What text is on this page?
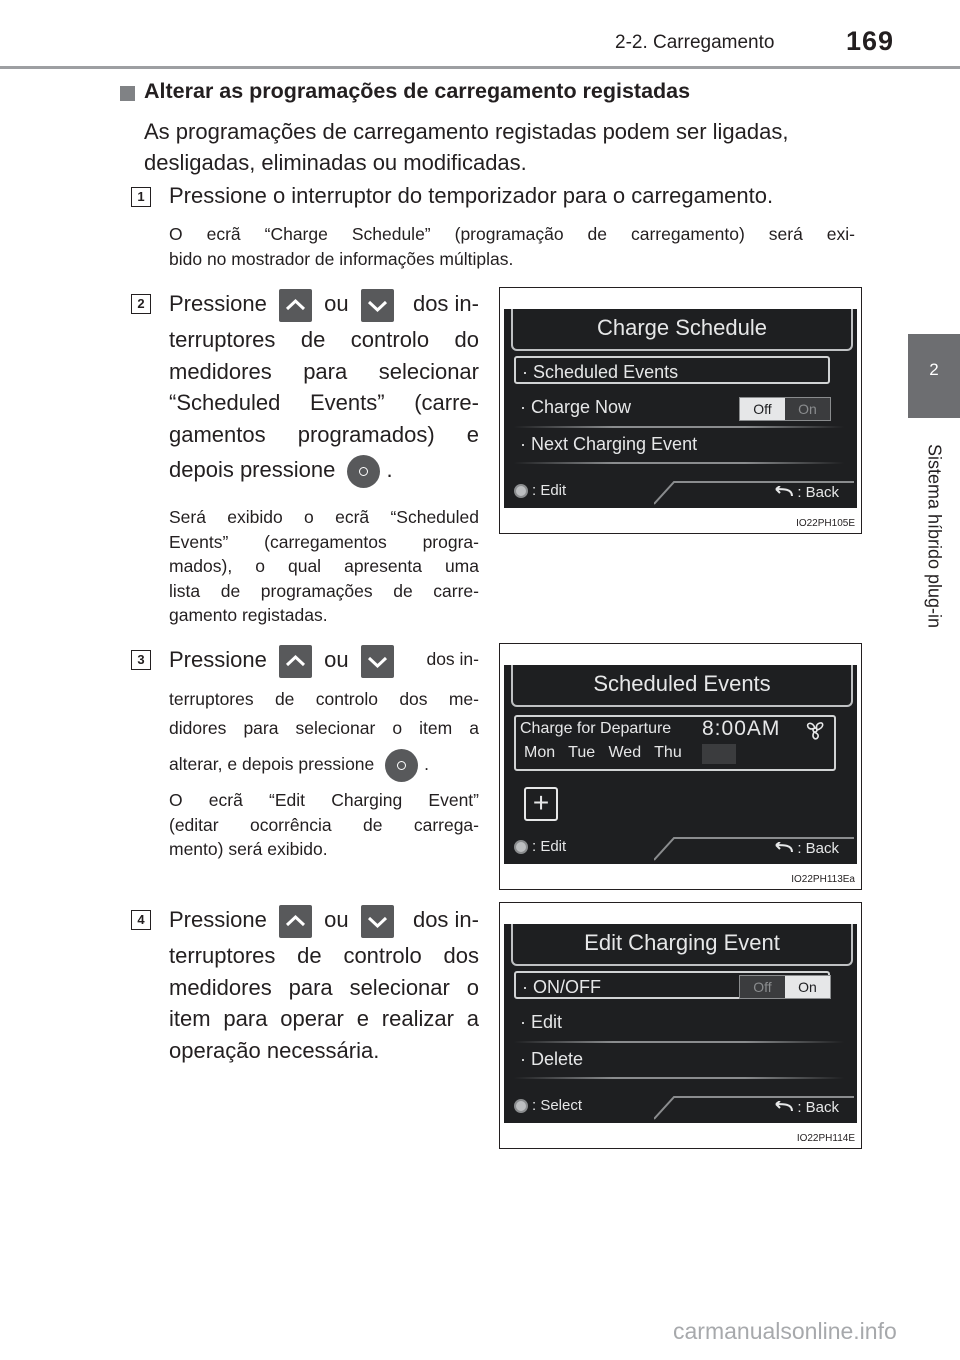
2-2. Carregamento	169
2
Sistema híbrido plug-in
Alterar as programações de carregamento registadas
As programações de carregamento registadas podem ser ligadas,
desligadas, eliminadas ou modificadas.
1 Pressione o interruptor do temporizador para o carregamento.
O ecrã “Charge Schedule” (programação de carregamento) será exi-
bido no mostrador de informações múltiplas.
2 Pressione	ou	dos in-
terruptores de controlo do
medidores para selecionar
“Scheduled Events” (carre-
gamentos programados) e
depois pressione .
Será exibido o ecrã “Scheduled
Events” (carregamentos progra-
mados), o qual apresenta uma
lista de programações de carre-
gamento registadas.
Charge Schedule
· Scheduled Events
· Charge Now	Off	On
· Next Charging Event
: Edit	: Back
IO22PH105E
3 Pressione	ou	dos in-
terruptores de controlo dos me-
didores para selecionar o item a
alterar, e depois pressione	.
O ecrã “Edit Charging Event”
(editar ocorrência de carrega-
mento) será exibido.
Scheduled Events
Charge for Departure 8:00AM
Mon   Tue   Wed   Thu
+
: Edit	: Back
IO22PH113Ea
4 Pressione	ou	dos in-
terruptores de controlo dos
medidores para selecionar o
item para operar e realizar a
operação necessária.
Edit Charging Event
· ON/OFF	Off	On
· Edit
· Delete
: Select	: Back
IO22PH114E
carmanualsonline.info
